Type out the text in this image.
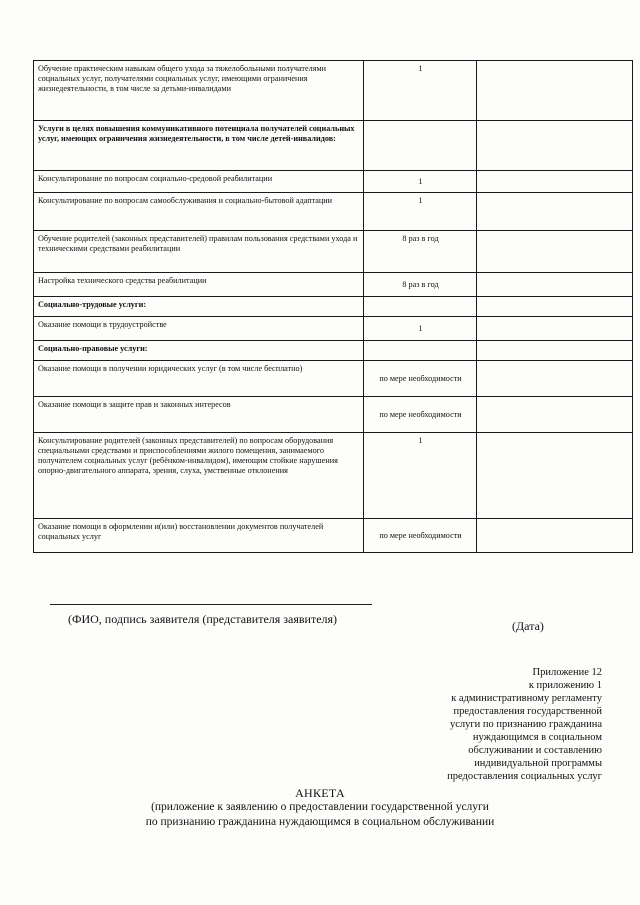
Обучение практическим навыкам общего ухода за тяжелобольными получателями социальных услуг, получателями социальных услуг, имеющими ограничения жизнедеятельности, в том числе за детьми-инвалидами	1	
Услуги в целях повышения коммуникативного потенциала получателей социальных услуг, имеющих ограничения жизнедеятельности, в том числе детей-инвалидов:		
Консультирование по вопросам социально-средовой реабилитации	1	
Консультирование по вопросам самообслуживания и социально-бытовой адаптации	1	
Обучение родителей (законных представителей) правилам пользования средствами ухода и техническими средствами реабилитации	8 раз в год	
Настройка технического средства реабилитации	8 раз в год	
Социально-трудовые услуги:		
Оказание помощи в трудоустройстве	1	
Социально-правовые услуги:		
Оказание помощи в получении юридических услуг (в том числе бесплатно)	по мере необходимости	
Оказание помощи в защите прав и законных интересов	по мере необходимости	
Консультирование родителей (законных представителей) по вопросам оборудования специальными средствами и приспособлениями жилого помещения, занимаемого получателем социальных услуг (ребёнком-инвалидом), имеющим стойкие нарушения опорно-двигательного аппарата, зрения, слуха, умственные отклонения	1	
Оказание помощи в оформлении и(или) восстановлении документов получателей социальных услуг	по мере необходимости	
(ФИО, подпись заявителя (представителя заявителя)	(Дата)
Приложение 12
к приложению 1
к административному регламенту
предоставления государственной
услуги по признанию гражданина
нуждающимся в социальном
обслуживании и составлению
индивидуальной программы
предоставления социальных услуг
АНКЕТА
(приложение к заявлению о предоставлении государственной услуги
по признанию гражданина нуждающимся в социальном обслуживании
